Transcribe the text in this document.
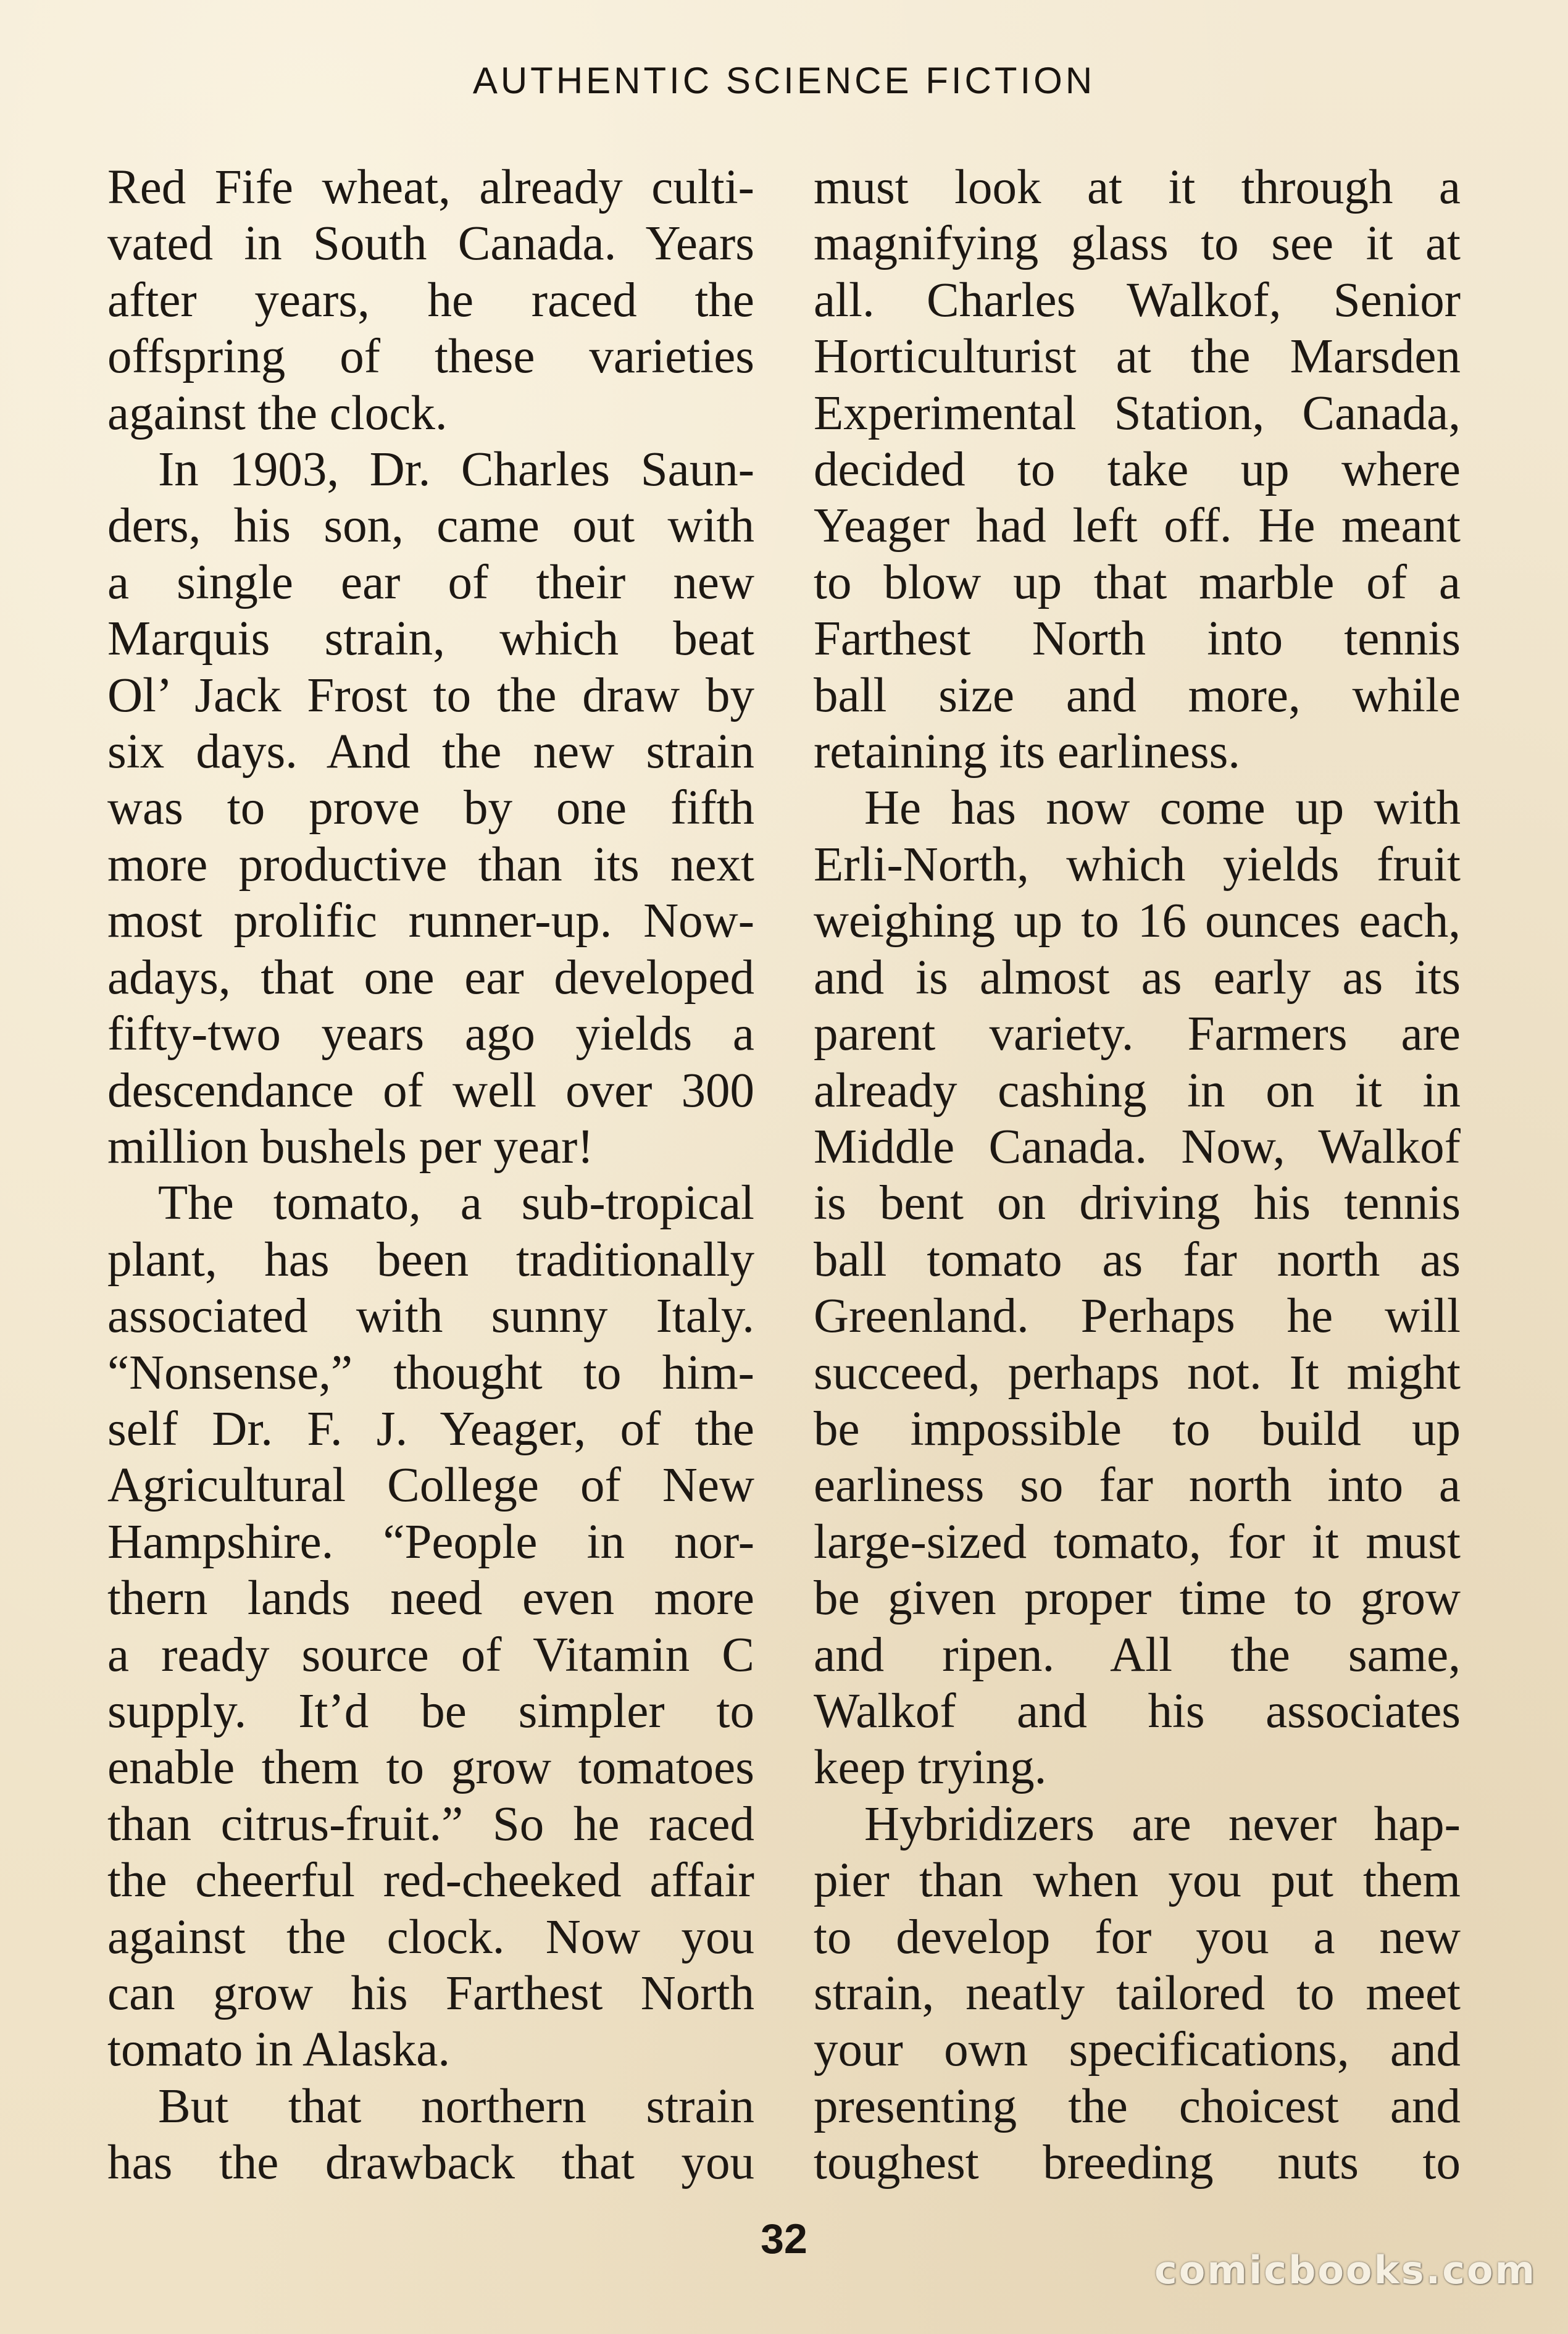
AUTHENTIC SCIENCE FICTION

Red Fife wheat, already culti-

vated in South Canada. Years

after years, he raced the

offspring of these varieties

against the clock.

In 1903, Dr. Charles Saun-

ders, his son, came out with

a single ear of their new

Marquis strain, which beat

Ol’ Jack Frost to the draw by

six days. And the new strain

was to prove by one fifth

more productive than its next

most prolific runner-up. Now-

adays, that one ear developed

fifty-two years ago yields a

descendance of well over 300

million bushels per year!

The tomato, a sub-tropical

plant, has been traditionally

associated with sunny Italy.

“Nonsense,” thought to him-

self Dr. F. J. Yeager, of the

Agricultural College of New

Hampshire. “People in nor-

thern lands need even more

a ready source of Vitamin C

supply. It’d be simpler to

enable them to grow tomatoes

than citrus-fruit.” So he raced

the cheerful red-cheeked affair

against the clock. Now you

can grow his Farthest North

tomato in Alaska.

But that northern strain

has the drawback that you

must look at it through a

magnifying glass to see it at

all. Charles Walkof, Senior

Horticulturist at the Marsden

Experimental Station, Canada,

decided to take up where

Yeager had left off. He meant

to blow up that marble of a

Farthest North into tennis

ball size and more, while

retaining its earliness.

He has now come up with

Erli-North, which yields fruit

weighing up to 16 ounces each,

and is almost as early as its

parent variety. Farmers are

already cashing in on it in

Middle Canada. Now, Walkof

is bent on driving his tennis

ball tomato as far north as

Greenland. Perhaps he will

succeed, perhaps not. It might

be impossible to build up

earliness so far north into a

large-sized tomato, for it must

be given proper time to grow

and ripen. All the same,

Walkof and his associates

keep trying.

Hybridizers are never hap-

pier than when you put them

to develop for you a new

strain, neatly tailored to meet

your own specifications, and

presenting the choicest and

toughest breeding nuts to

32
comicbooks.com
